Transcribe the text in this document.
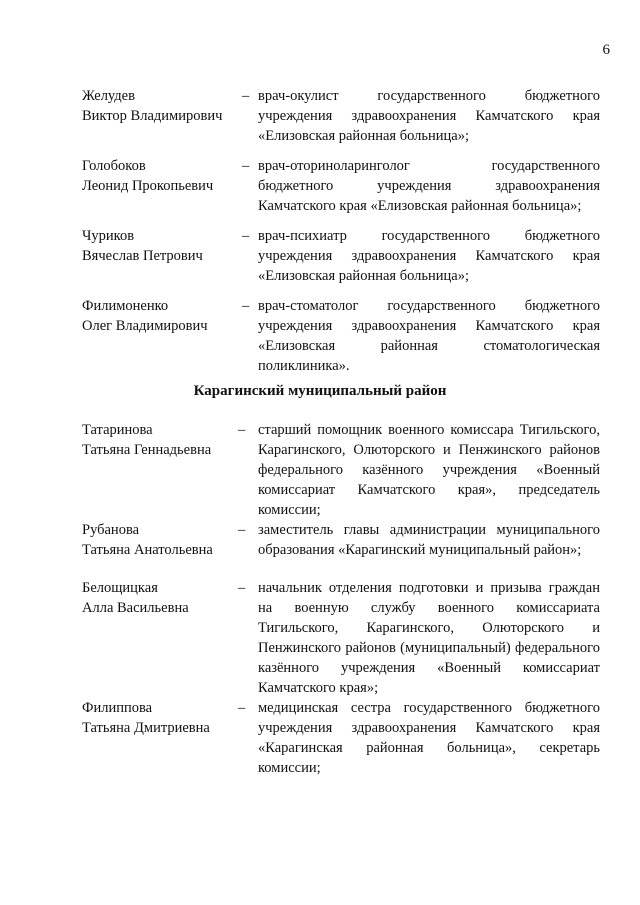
6
Желудев
Виктор Владимирович
– врач-окулист государственного бюджетного учреждения здравоохранения Камчатского края «Елизовская районная больница»;
Голобоков
Леонид Прокопьевич
– врач-оториноларинголог государственного бюджетного учреждения здравоохранения Камчатского края «Елизовская районная больница»;
Чуриков
Вячеслав Петрович
– врач-психиатр государственного бюджетного учреждения здравоохранения Камчатского края «Елизовская районная больница»;
Филимоненко
Олег Владимирович
– врач-стоматолог государственного бюджетного учреждения здравоохранения Камчатского края «Елизовская районная стоматологическая поликлиника».
Карагинский муниципальный район
Татаринова
Татьяна Геннадьевна
– старший помощник военного комиссара Тигильского, Карагинского, Олюторского и Пенжинского районов федерального казённого учреждения «Военный комиссариат Камчатского края», председатель комиссии;
Рубанова
Татьяна Анатольевна
– заместитель главы администрации муниципального образования «Карагинский муниципальный район»;
Белощицкая
Алла Васильевна
– начальник отделения подготовки и призыва граждан на военную службу военного комиссариата Тигильского, Карагинского, Олюторского и Пенжинского районов (муниципальный) федерального казённого учреждения «Военный комиссариат Камчатского края»;
Филиппова
Татьяна Дмитриевна
– медицинская сестра государственного бюджетного учреждения здравоохранения Камчатского края «Карагинская районная больница», секретарь комиссии;
